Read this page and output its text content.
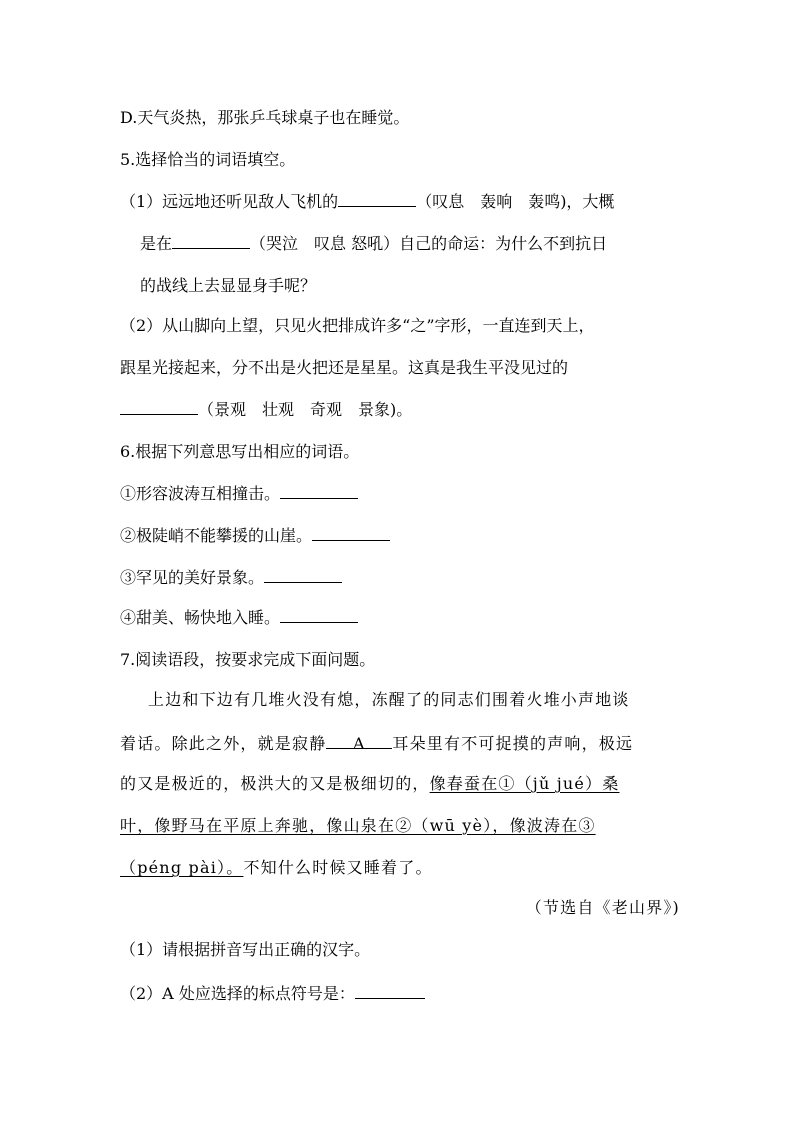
D.天气炎热，那张乒乓球桌子也在睡觉。
5.选择恰当的词语填空。
（1）远远地还听见敌人飞机的	（叹息　轰响　轰鸣)，大概
是在	（哭泣　叹息 怒吼）自己的命运：为什么不到抗日
的战线上去显显身手呢？
（2）从山脚向上望，只见火把排成许多“之”字形，一直连到天上，
跟星光接起来，分不出是火把还是星星。这真是我生平没见过的
（景观　壮观　奇观　景象)。
6.根据下列意思写出相应的词语。
①形容波涛互相撞击。
②极陡峭不能攀援的山崖。
③罕见的美好景象。
④甜美、畅快地入睡。
7.阅读语段，按要求完成下面问题。
上边和下边有几堆火没有熄，冻醒了的同志们围着火堆小声地谈
着话。除此之外，就是寂静 A 耳朵里有不可捉摸的声响，极远
的又是极近的，极洪大的又是极细切的，像春蚕在①（jǔ jué）桑
叶，像野马在平原上奔驰，像山泉在②（wū yè），像波涛在③
（péng pài）。不知什么时候又睡着了。
（节选自《老山界》)
（1）请根据拼音写出正确的汉字。
（2）A 处应选择的标点符号是：
